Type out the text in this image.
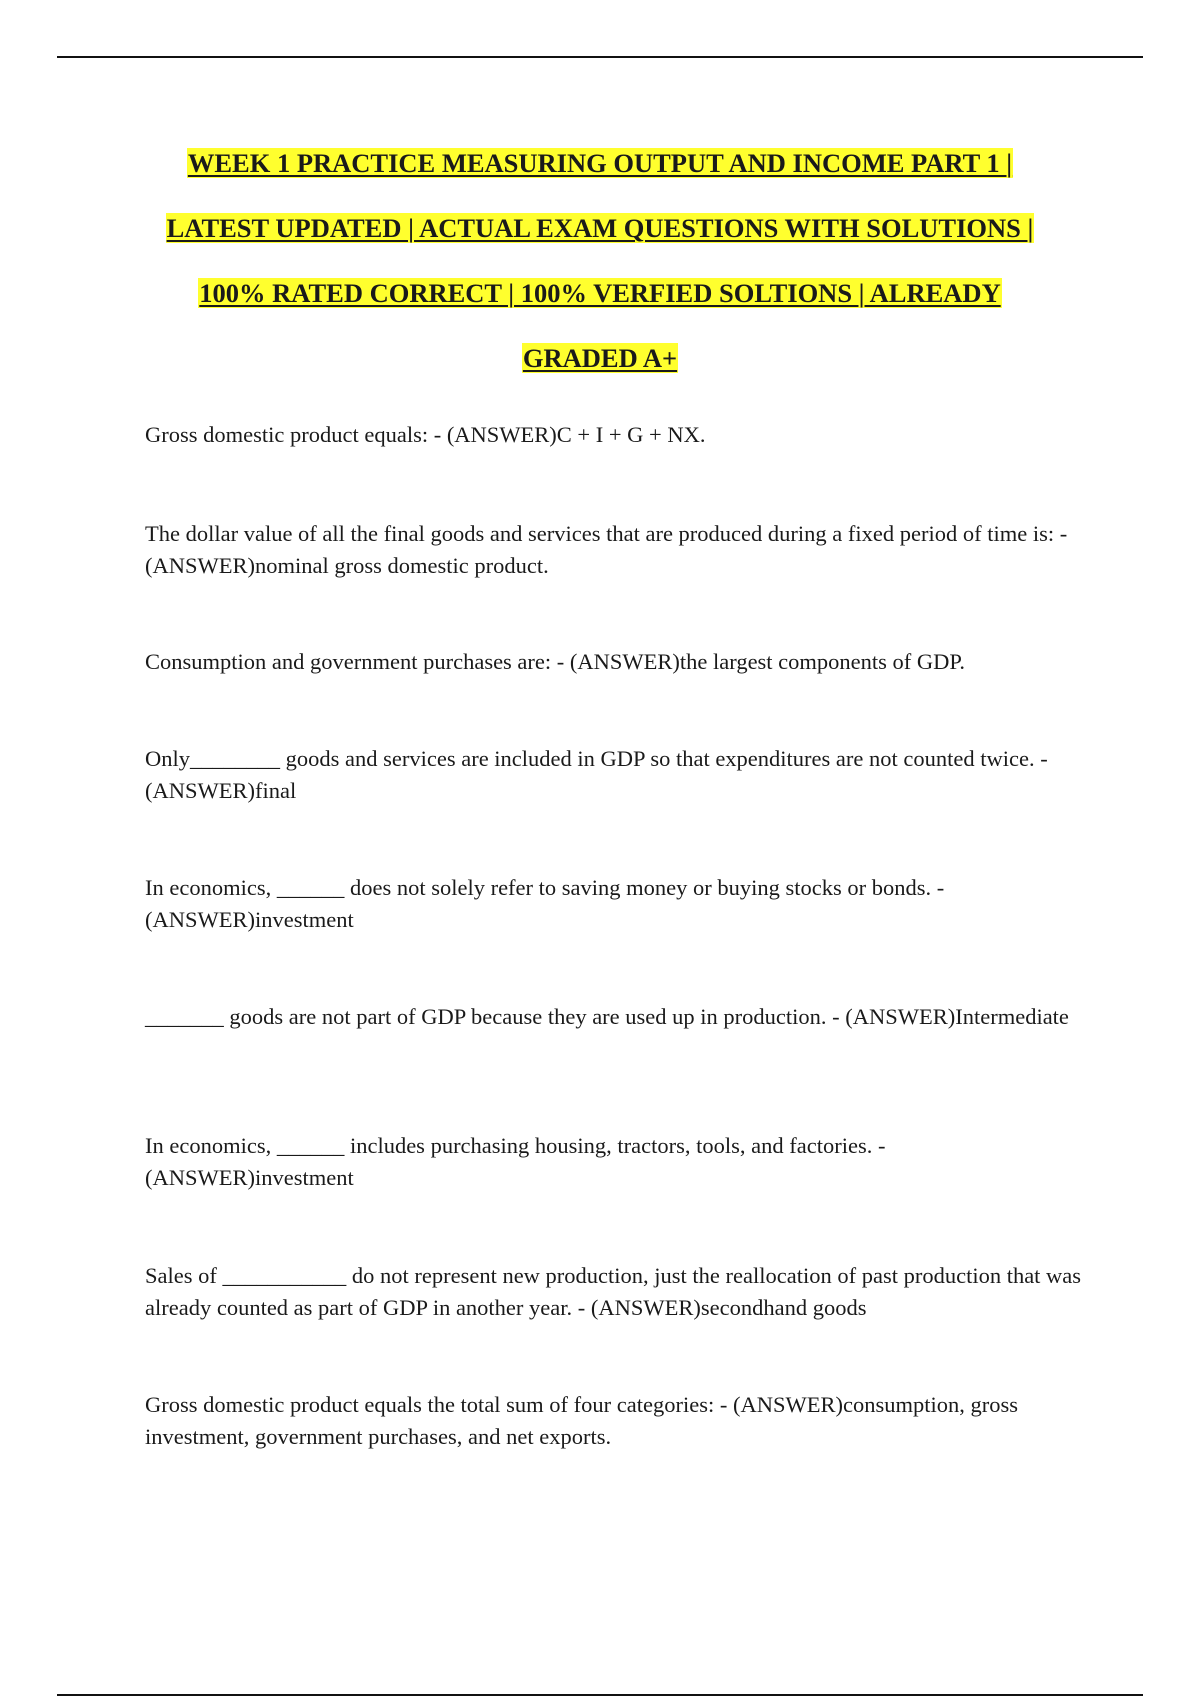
WEEK 1 PRACTICE MEASURING OUTPUT AND INCOME PART 1 |
LATEST UPDATED | ACTUAL EXAM QUESTIONS WITH SOLUTIONS |
100% RATED CORRECT | 100% VERFIED SOLTIONS | ALREADY
GRADED A+

Gross domestic product equals: - (ANSWER)C + I + G + NX.

The dollar value of all the final goods and services that are produced during a fixed period of time is: - (ANSWER)nominal gross domestic product.

Consumption and government purchases are: - (ANSWER)the largest components of GDP.

Only________ goods and services are included in GDP so that expenditures are not counted twice. - (ANSWER)final

In economics, ______ does not solely refer to saving money or buying stocks or bonds. - (ANSWER)investment

_______ goods are not part of GDP because they are used up in production. - (ANSWER)Intermediate

In economics, ______ includes purchasing housing, tractors, tools, and factories. - (ANSWER)investment

Sales of ___________ do not represent new production, just the reallocation of past production that was already counted as part of GDP in another year. - (ANSWER)secondhand goods

Gross domestic product equals the total sum of four categories: - (ANSWER)consumption, gross investment, government purchases, and net exports.
